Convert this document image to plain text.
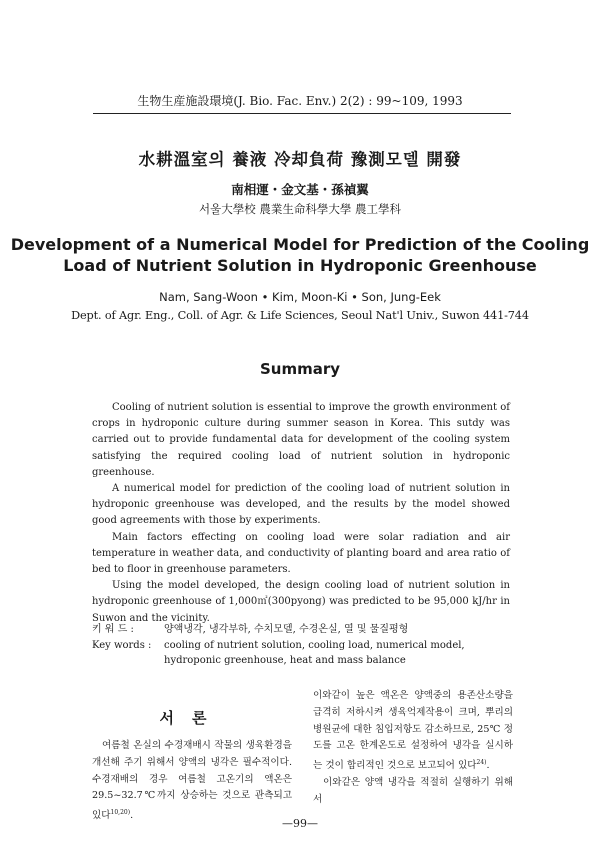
生物生産施設環境(J. Bio. Fac. Env.) 2(2) : 99~109, 1993
水耕溫室의 養液 冷却負荷 豫測모델 開發
南相運・金文基・孫禎翼
서울大學校 農業生命科學大學 農工學科
Development of a Numerical Model for Prediction of the Cooling
Load of Nutrient Solution in Hydroponic Greenhouse
Nam, Sang-Woon • Kim, Moon-Ki • Son, Jung-Eek
Dept. of Agr. Eng., Coll. of Agr. & Life Sciences, Seoul Nat'l Univ., Suwon 441-744
Summary

Cooling of nutrient solution is essential to improve the growth environment of crops in hydroponic culture during summer season in Korea. This sutdy was carried out to provide fundamental data for development of the cooling system satisfying the required cooling load of nutrient solution in hydroponic greenhouse.

A numerical model for prediction of the cooling load of nutrient solution in hydroponic greenhouse was developed, and the results by the model showed good agreements with those by experiments.

Main factors effecting on cooling load were solar radiation and air temperature in weather data, and conductivity of planting board and area ratio of bed to floor in greenhouse parameters.

Using the model developed, the design cooling load of nutrient solution in hydroponic greenhouse of 1,000㎡(300pyong) was predicted to be 95,000 kJ/hr in Suwon and the vicinity.

키 워 드 :	양액냉각, 냉각부하, 수치모델, 수경온실, 열 및 물질평형
Key words :	cooling of nutrient solution, cooling load, numerical model, hydroponic greenhouse, heat and mass balance
서론

여름철 온실의 수경재배시 작물의 생육환경을 개선해 주기 위해서 양액의 냉각은 필수적이다. 수경재배의 경우 여름철 고온기의 액온은 29.5~32.7℃까지 상승하는 것으로 관측되고 있다$^{10,20)}$.

이와같이 높은 액온은 양액중의 용존산소량을 급격히 저하시켜 생육억제작용이 크며, 뿌리의 병원균에 대한 침입저항도 감소하므로, 25℃ 정도를 고온 한계온도로 설정하여 냉각을 실시하는 것이 합리적인 것으로 보고되어 있다$^{24)}$.

이와같은 양액 냉각을 적절히 실행하기 위해서

—99—
